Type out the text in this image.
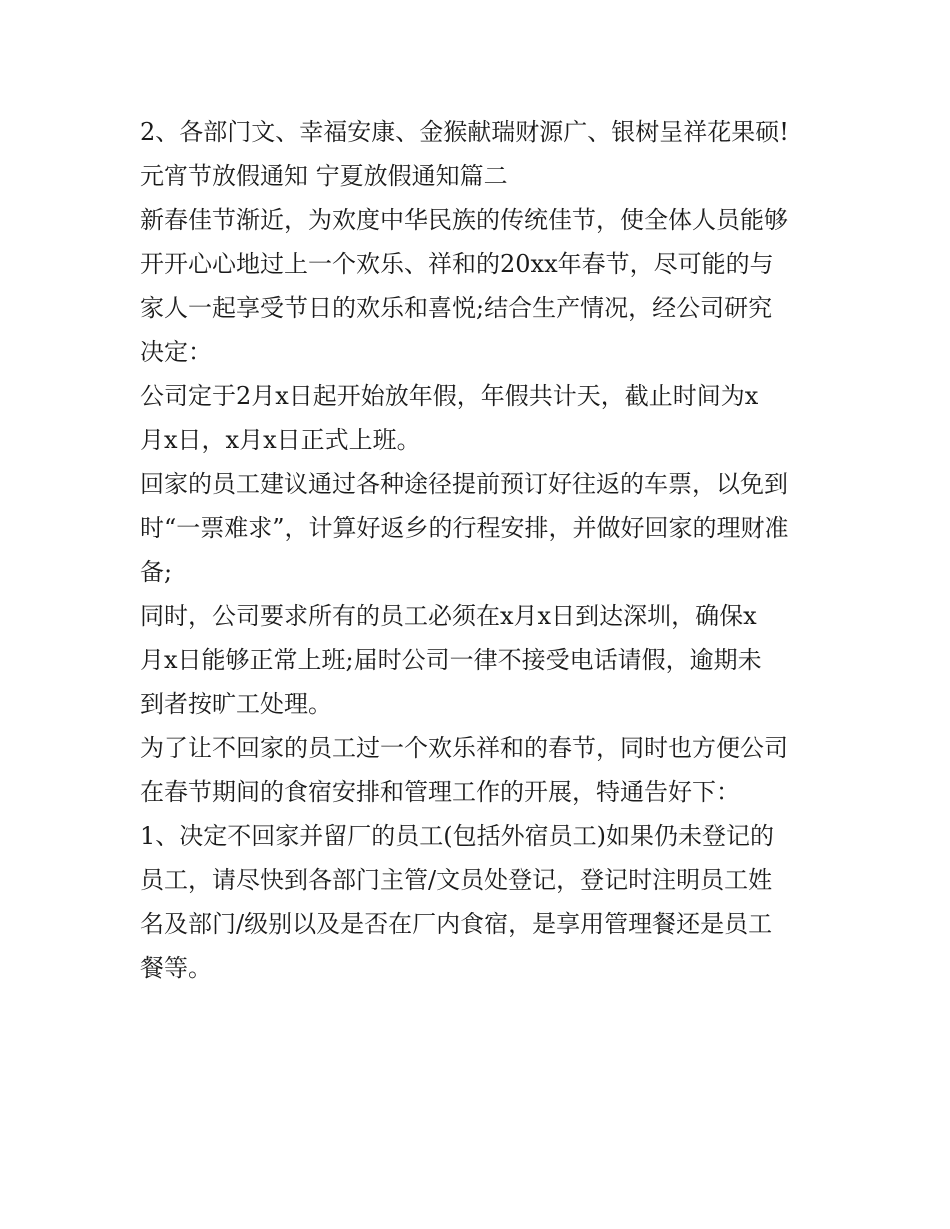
2、各部门文、幸福安康、金猴献瑞财源广、银树呈祥花果硕!

元宵节放假通知 宁夏放假通知篇二

新春佳节渐近，为欢度中华民族的传统佳节，使全体人员能够

开开心心地过上一个欢乐、祥和的20xx年春节，尽可能的与

家人一起享受节日的欢乐和喜悦;结合生产情况，经公司研究

决定：

公司定于2月x日起开始放年假，年假共计天，截止时间为x

月x日，x月x日正式上班。

回家的员工建议通过各种途径提前预订好往返的车票，以免到

时“一票难求”，计算好返乡的行程安排，并做好回家的理财准

备;

同时，公司要求所有的员工必须在x月x日到达深圳，确保x

月x日能够正常上班;届时公司一律不接受电话请假，逾期未

到者按旷工处理。

为了让不回家的员工过一个欢乐祥和的春节，同时也方便公司

在春节期间的食宿安排和管理工作的开展，特通告好下：

1、决定不回家并留厂的员工(包括外宿员工)如果仍未登记的

员工，请尽快到各部门主管/文员处登记，登记时注明员工姓

名及部门/级别以及是否在厂内食宿，是享用管理餐还是员工

餐等。
